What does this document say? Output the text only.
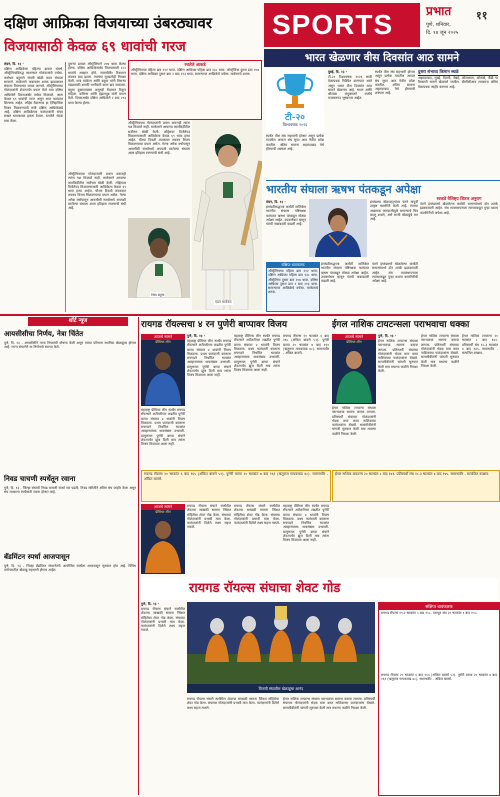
दक्षिण आफ्रिका विजयाच्या उंबरठ्यावर
विजयासाठी केवळ ६९ धावांची गरज
SPORTS	प्रभात ११
पुणे, शनिवार,
दि. १४ जून २०२५
लंडन, दि. १३ -
दक्षिण आफ्रिकेचा पहिल्या डावात संघर्ष, ऑस्ट्रेलियाविरुद्ध सामन्यात गोलंदाजांचे वर्चस्व. कर्णधार बवुमाने संयमी खेळी करत संघाला सावरले. मार्करमने जबरदस्त शतक झळकावत संघाला विजयाच्या जवळ आणले. ऑस्ट्रेलियाच्या गोलंदाजांनी शेवटपर्यंत प्रयत्न केले मात्र दक्षिण आफ्रिकेने दिवसअखेर वर्चस्व मिळवले. आता केवळ ६९ धावांची गरज असून आठ फलंदाज शिल्लक आहेत. लॉर्ड्स मैदानावर हा ऐतिहासिक विजय मिळवण्याची संधी दक्षिण आफ्रिकेकडे आहे. दक्षिण आफ्रिकेच्या फलंदाजांनी संयम राखत धावफलक हलता ठेवला. स्टार्कने भेदक मारा केला.
दुसऱ्या डावात ऑस्ट्रेलियाने २०७ धावा केल्या होत्या. दक्षिण आफ्रिकेसमोर विजयासाठी २८२ धावांचे आव्हान होते. सलामीवीर रिकल्टन लवकर बाद झाला. त्यानंतर मुल्डरनेही निराशा केली. मात्र मार्करम आणि बवुमा यांनी तिसऱ्या गड्यासाठी शतकी भागीदारी करत डाव सावरला. बवुमा दुखापतग्रस्त असूनही मैदानात टिकून राहिला. कमिन्स आणि हेझलवूड यांनी प्रयत्न केले. दिवसअखेर दक्षिण आफ्रिकेने २ बाद २१३ धावा केल्या होत्या.
रचलेले आकडे
ऑस्ट्रेलियाचा पहिला डाव २१२ धावा. दक्षिण आफ्रिका पहिला डाव १३८ धावा. ऑस्ट्रेलिया दुसरा डाव २०७ धावा. दक्षिण आफ्रिका दुसरा डाव २ बाद २१३ धावा. सामन्यावर आफ्रिकेचे वर्चस्व. मार्करमचे शतक.
ऑस्ट्रेलियाच्या गोलंदाजांनी प्रयत्न करूनही त्यांना यश मिळाले नाही. मार्करमने आपल्या कारकिर्दीतील सर्वोत्तम खेळी केली. लॉर्ड्सवर विजेतेपद मिळवण्यासाठी आफ्रिकेला केवळ ६९ धावा हव्या आहेत. चौथ्या दिवशी लवकरात लवकर विजय मिळवण्याचा प्रयत्न असेल. गेल्या अनेक वर्षांपासून आयसीसी स्पर्धांमध्ये अपयशी ठरलेल्या संघाला आता इतिहास रचण्याची संधी आहे.
एडन मार्करम
टेम्बा बवुमा
ऑस्ट्रेलियाच्या गोलंदाजांनी प्रयत्न करूनही त्यांना यश मिळाले नाही. मार्करमने आपल्या कारकिर्दीतील सर्वोत्तम खेळी केली. लॉर्ड्सवर विजेतेपद मिळवण्यासाठी आफ्रिकेला केवळ ६९ धावा हव्या आहेत. चौथ्या दिवशी लवकरात लवकर विजय मिळवण्याचा प्रयत्न असेल. गेल्या अनेक वर्षांपासून आयसीसी स्पर्धांमध्ये अपयशी ठरलेल्या संघाला आता इतिहास रचण्याची संधी आहे.
भारत खेळणार वीस दिवसांत आठ सामने
टी-२०
विश्वचषक २०२६
दुबई, दि. १३ -
टी-२० विश्वचषक २०२६ साठी वेळापत्रक निश्चित करण्यात आले असून भारत वीस दिवसांत आठ सामने खेळणार आहे. भारत आणि श्रीलंका संयुक्तपणे स्पर्धेचे यजमानपद भूषवणार आहेत.
स्पर्धेत वीस संघ सहभागी होणार असून प्रत्येक गटातील अव्वल संघ सुपर आठ फेरीत प्रवेश करतील. अंतिम सामना अहमदाबाद येथे होण्याची शक्यता आहे.
दुसरा संभाव्य किमान स्थळे
अहमदाबाद, मुंबई, दिल्ली, चेन्नई, कोलकाता, कोलंबो, कँडी या ठिकाणी सामने खेळवले जातील. बीसीसीआय लवकरच अंतिम वेळापत्रक जाहीर करणार आहे.
स्पर्धेत वीस संघ सहभागी होणार असून प्रत्येक गटातील अव्वल संघ सुपर आठ फेरीत प्रवेश करतील. अंतिम सामना अहमदाबाद येथे होण्याची शक्यता आहे.
भारतीय संघाला ऋषभ पंतकडून अपेक्षा
लंडन, दि. १३ -
इंग्लंडविरुद्धच्या कसोटी मालिकेत भारतीय संघाला यष्टिरक्षक फलंदाज ऋषभ पंतकडून मोठ्या अपेक्षा आहेत. उपकर्णधार म्हणून पंतची जबाबदारी वाढली आहे.
इंग्लंडच्या खेळपट्ट्यांवर पंतने यापूर्वी उत्कृष्ट कामगिरी केली आहे. त्याच्या आक्रमक फलंदाजीमुळे सामन्याचे चित्र बदलू शकते, असे माजी खेळाडूंचे मत आहे.
रवकडे वैशिष्ट्य शितल अनुराग
पंतने इंग्लंडमध्ये खेळलेल्या कसोटी सामन्यांमध्ये दोन शतके झळकावली आहेत. संघ व्यवस्थापनाला त्याच्याकडून पुन्हा तशाच कामगिरीची अपेक्षा आहे.
संक्षिप्त धावफलक
ऑस्ट्रेलियाचा पहिला डाव २१२ धावा. दक्षिण आफ्रिका पहिला डाव १३८ धावा. ऑस्ट्रेलिया दुसरा डाव २०७ धावा. दक्षिण आफ्रिका दुसरा डाव २ बाद २१३ धावा. सामन्यावर आफ्रिकेचे वर्चस्व. मार्करमचे शतक.
इंग्लंडविरुद्धच्या कसोटी मालिकेत भारतीय संघाला यष्टिरक्षक फलंदाज ऋषभ पंतकडून मोठ्या अपेक्षा आहेत. उपकर्णधार म्हणून पंतची जबाबदारी वाढली आहे.
पंतने इंग्लंडमध्ये खेळलेल्या कसोटी सामन्यांमध्ये दोन शतके झळकावली आहेत. संघ व्यवस्थापनाला त्याच्याकडून पुन्हा तशाच कामगिरीची अपेक्षा आहे.
शॉर्ट न्यूज
आयसीसीचा निर्णय, नेत्रा चिंतेत
पुणे, दि. १३ - आयसीसीने नव्या नियमांची घोषणा केली असून त्याचा परिणाम स्थानिक खेळाडूंवर होणार आहे. राज्य संघटनेने या निर्णयाचे स्वागत केले.
निवड चाचणी स्पर्धेतून रवाना
पुणे, दि. १३ - जिल्हा संघाची निवड चाचणी स्पर्धा पार पडली. निवड समितीने अंतिम संघ जाहीर केला असून संघ लवकरच स्पर्धेसाठी रवाना होणार आहे.
बॅडमिंटन स्पर्धा आजपासून
पुणे, दि. १३ - जिल्हा बॅडमिंटन संघटनेतर्फे आयोजित स्पर्धेला आजपासून सुरुवात होत आहे. विविध वयोगटातील खेळाडू सहभागी होणार आहेत.
रायगड रॉयल्सचा ४ रन पुणेरी बाप्पावर विजय
आजचे सामने
प्रीमियर लीग
पुणे, दि. १३ -
महाराष्ट्र प्रीमियर लीग स्पर्धेत रायगड रॉयल्सने अटीतटीच्या लढतीत पुणेरी बाप्पा संघावर ४ धावांनी विजय मिळवला. प्रथम फलंदाजी करताना रायगडने निर्धारित षटकांत आव्हानात्मक धावसंख्या उभारली. प्रत्युत्तरात पुणेरी बाप्पा संघाने शेवटपर्यंत झुंज दिली मात्र त्यांना विजय मिळवता आला नाही.
महाराष्ट्र प्रीमियर लीग स्पर्धेत रायगड रॉयल्सने अटीतटीच्या लढतीत पुणेरी बाप्पा संघावर ४ धावांनी विजय मिळवला. प्रथम फलंदाजी करताना रायगडने निर्धारित षटकांत आव्हानात्मक धावसंख्या उभारली. प्रत्युत्तरात पुणेरी बाप्पा संघाने शेवटपर्यंत झुंज दिली मात्र त्यांना विजय मिळवता आला नाही.
रायगड रॉयल्स २० षटकांत ६ बाद १६५ (अंकित बावणे ५२). पुणेरी बाप्पा २० षटकांत ७ बाद १६१ (ऋतुराज गायकवाड ४८). सामनावीर - अंकित बावणे.
महाराष्ट्र प्रीमियर लीग स्पर्धेत रायगड रॉयल्सने अटीतटीच्या लढतीत पुणेरी बाप्पा संघावर ४ धावांनी विजय मिळवला. प्रथम फलंदाजी करताना रायगडने निर्धारित षटकांत आव्हानात्मक धावसंख्या उभारली. प्रत्युत्तरात पुणेरी बाप्पा संघाने शेवटपर्यंत झुंज दिली मात्र त्यांना विजय मिळवता आला नाही.
रायगड रॉयल्स २० षटकांत ६ बाद १६५ (अंकित बावणे ५२). पुणेरी बाप्पा २० षटकांत ७ बाद १६१ (ऋतुराज गायकवाड ४८). सामनावीर - अंकित बावणे.
ईगल नाशिक टायटन्सला पराभवाचा धक्का
आजचे सामने
प्रीमियर लीग
पुणे, दि. १३ -
ईगल नाशिक टायटन्स संघाला पराभवाचा सामना करावा लागला. प्रतिस्पर्धी संघाच्या गोलंदाजांनी भेदक मारा करत नाशिकच्या फलंदाजांना रोखले. सलामीवीरांनी चांगली सुरुवात केली मात्र मधल्या फळीने निराशा केली.
ईगल नाशिक टायटन्स संघाला पराभवाचा सामना करावा लागला. प्रतिस्पर्धी संघाच्या गोलंदाजांनी भेदक मारा करत नाशिकच्या फलंदाजांना रोखले. सलामीवीरांनी चांगली सुरुवात केली मात्र मधल्या फळीने निराशा केली.
ईगल नाशिक टायटन्स २० षटकांत ८ बाद १४२. प्रतिस्पर्धी संघ १८.३ षटकांत ४ बाद १४५. सामनावीर - सत्यजित बच्छाव.
ईगल नाशिक टायटन्स संघाला पराभवाचा सामना करावा लागला. प्रतिस्पर्धी संघाच्या गोलंदाजांनी भेदक मारा करत नाशिकच्या फलंदाजांना रोखले. सलामीवीरांनी चांगली सुरुवात केली मात्र मधल्या फळीने निराशा केली.
ईगल नाशिक टायटन्स २० षटकांत ८ बाद १४२. प्रतिस्पर्धी संघ १८.३ षटकांत ४ बाद १४५. सामनावीर - सत्यजित बच्छाव.
आजचे सामने
प्रीमियर लीग
रायगड रॉयल्स संघाने स्पर्धेतील शेवटचा साखळी सामना जिंकत मोहिमेचा शेवट गोड केला. संघाच्या गोलंदाजांनी प्रभावी मारा केला. फलंदाजांनी दिलेले लक्ष्य सहज गाठले.
रायगड रॉयल्स संघाने स्पर्धेतील शेवटचा साखळी सामना जिंकत मोहिमेचा शेवट गोड केला. संघाच्या गोलंदाजांनी प्रभावी मारा केला. फलंदाजांनी दिलेले लक्ष्य सहज गाठले.
महाराष्ट्र प्रीमियर लीग स्पर्धेत रायगड रॉयल्सने अटीतटीच्या लढतीत पुणेरी बाप्पा संघावर ४ धावांनी विजय मिळवला. प्रथम फलंदाजी करताना रायगडने निर्धारित षटकांत आव्हानात्मक धावसंख्या उभारली. प्रत्युत्तरात पुणेरी बाप्पा संघाने शेवटपर्यंत झुंज दिली मात्र त्यांना विजय मिळवता आला नाही.
रायगड रॉयल्स संघाचा शेवट गोड
विजयी संघातील खेळाडूंचा आनंद
पुणे, दि. १३ -
रायगड रॉयल्स संघाने स्पर्धेतील शेवटचा साखळी सामना जिंकत मोहिमेचा शेवट गोड केला. संघाच्या गोलंदाजांनी प्रभावी मारा केला. फलंदाजांनी दिलेले लक्ष्य सहज गाठले.
रायगड रॉयल्स संघाने स्पर्धेतील शेवटचा साखळी सामना जिंकत मोहिमेचा शेवट गोड केला. संघाच्या गोलंदाजांनी प्रभावी मारा केला. फलंदाजांनी दिलेले लक्ष्य सहज गाठले.
ईगल नाशिक टायटन्स संघाला पराभवाचा सामना करावा लागला. प्रतिस्पर्धी संघाच्या गोलंदाजांनी भेदक मारा करत नाशिकच्या फलंदाजांना रोखले. सलामीवीरांनी चांगली सुरुवात केली मात्र मधल्या फळीने निराशा केली.
संक्षिप्त धावफलक
रायगड रॉयल्स १९.२ षटकांत ५ बाद १५८. पराभूत संघ २० षटकांत ९ बाद १५५.
रायगड रॉयल्स २० षटकांत ६ बाद १६५ (अंकित बावणे ५२). पुणेरी बाप्पा २० षटकांत ७ बाद १६१ (ऋतुराज गायकवाड ४८). सामनावीर - अंकित बावणे.
